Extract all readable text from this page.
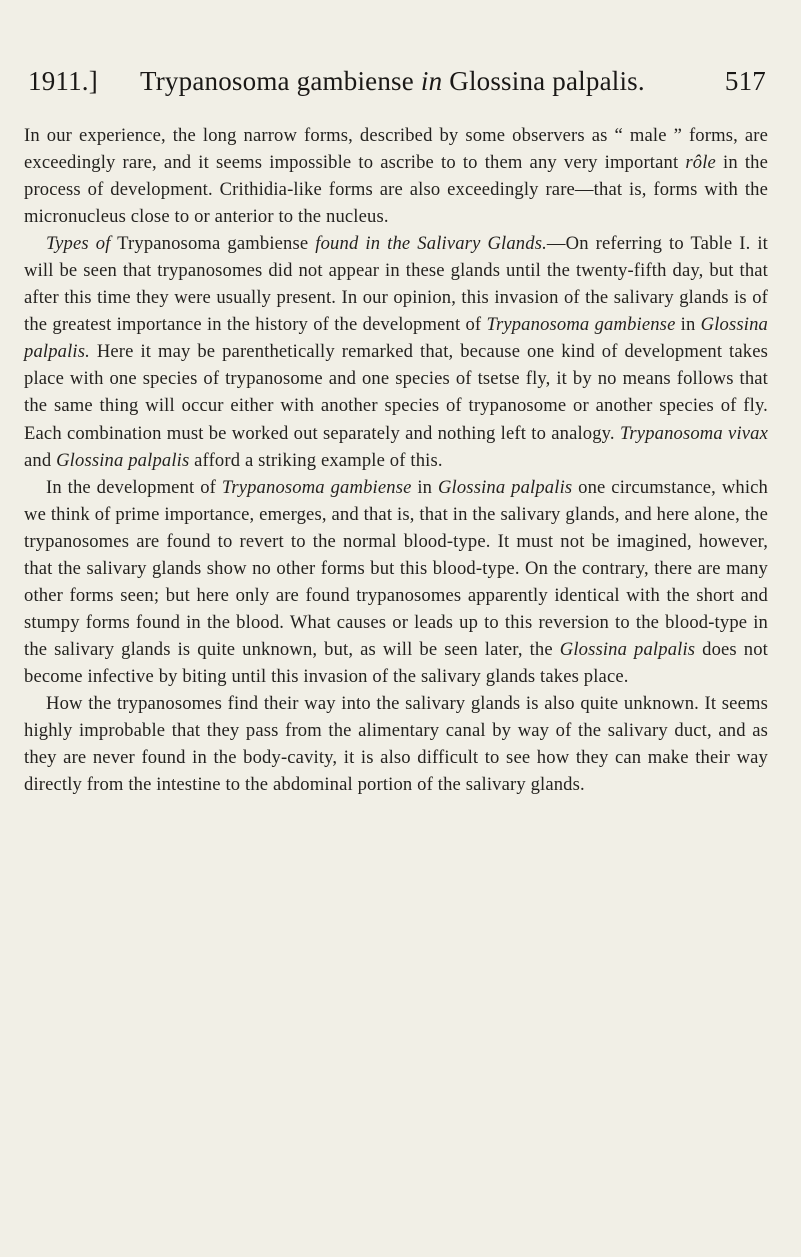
1911.] Trypanosoma gambiense in Glossina palpalis.	517

In our experience, the long narrow forms, described by some observers as “ male ” forms, are exceedingly rare, and it seems impossible to ascribe to to them any very important rôle in the process of development. Crithidia-like forms are also exceedingly rare—that is, forms with the micronucleus close to or anterior to the nucleus.

Types of Trypanosoma gambiense found in the Salivary Glands.—On referring to Table I. it will be seen that trypanosomes did not appear in these glands until the twenty-fifth day, but that after this time they were usually present. In our opinion, this invasion of the salivary glands is of the greatest importance in the history of the development of Trypanosoma gambiense in Glossina palpalis. Here it may be parenthetically remarked that, because one kind of development takes place with one species of trypanosome and one species of tsetse fly, it by no means follows that the same thing will occur either with another species of trypanosome or another species of fly. Each combination must be worked out separately and nothing left to analogy. Trypanosoma vivax and Glossina palpalis afford a striking example of this.

In the development of Trypanosoma gambiense in Glossina palpalis one circumstance, which we think of prime importance, emerges, and that is, that in the salivary glands, and here alone, the trypanosomes are found to revert to the normal blood-type. It must not be imagined, however, that the salivary glands show no other forms but this blood-type. On the contrary, there are many other forms seen; but here only are found trypanosomes apparently identical with the short and stumpy forms found in the blood. What causes or leads up to this reversion to the blood-type in the salivary glands is quite unknown, but, as will be seen later, the Glossina palpalis does not become infective by biting until this invasion of the salivary glands takes place.

How the trypanosomes find their way into the salivary glands is also quite unknown. It seems highly improbable that they pass from the alimentary canal by way of the salivary duct, and as they are never found in the body-cavity, it is also difficult to see how they can make their way directly from the intestine to the abdominal portion of the salivary glands.
